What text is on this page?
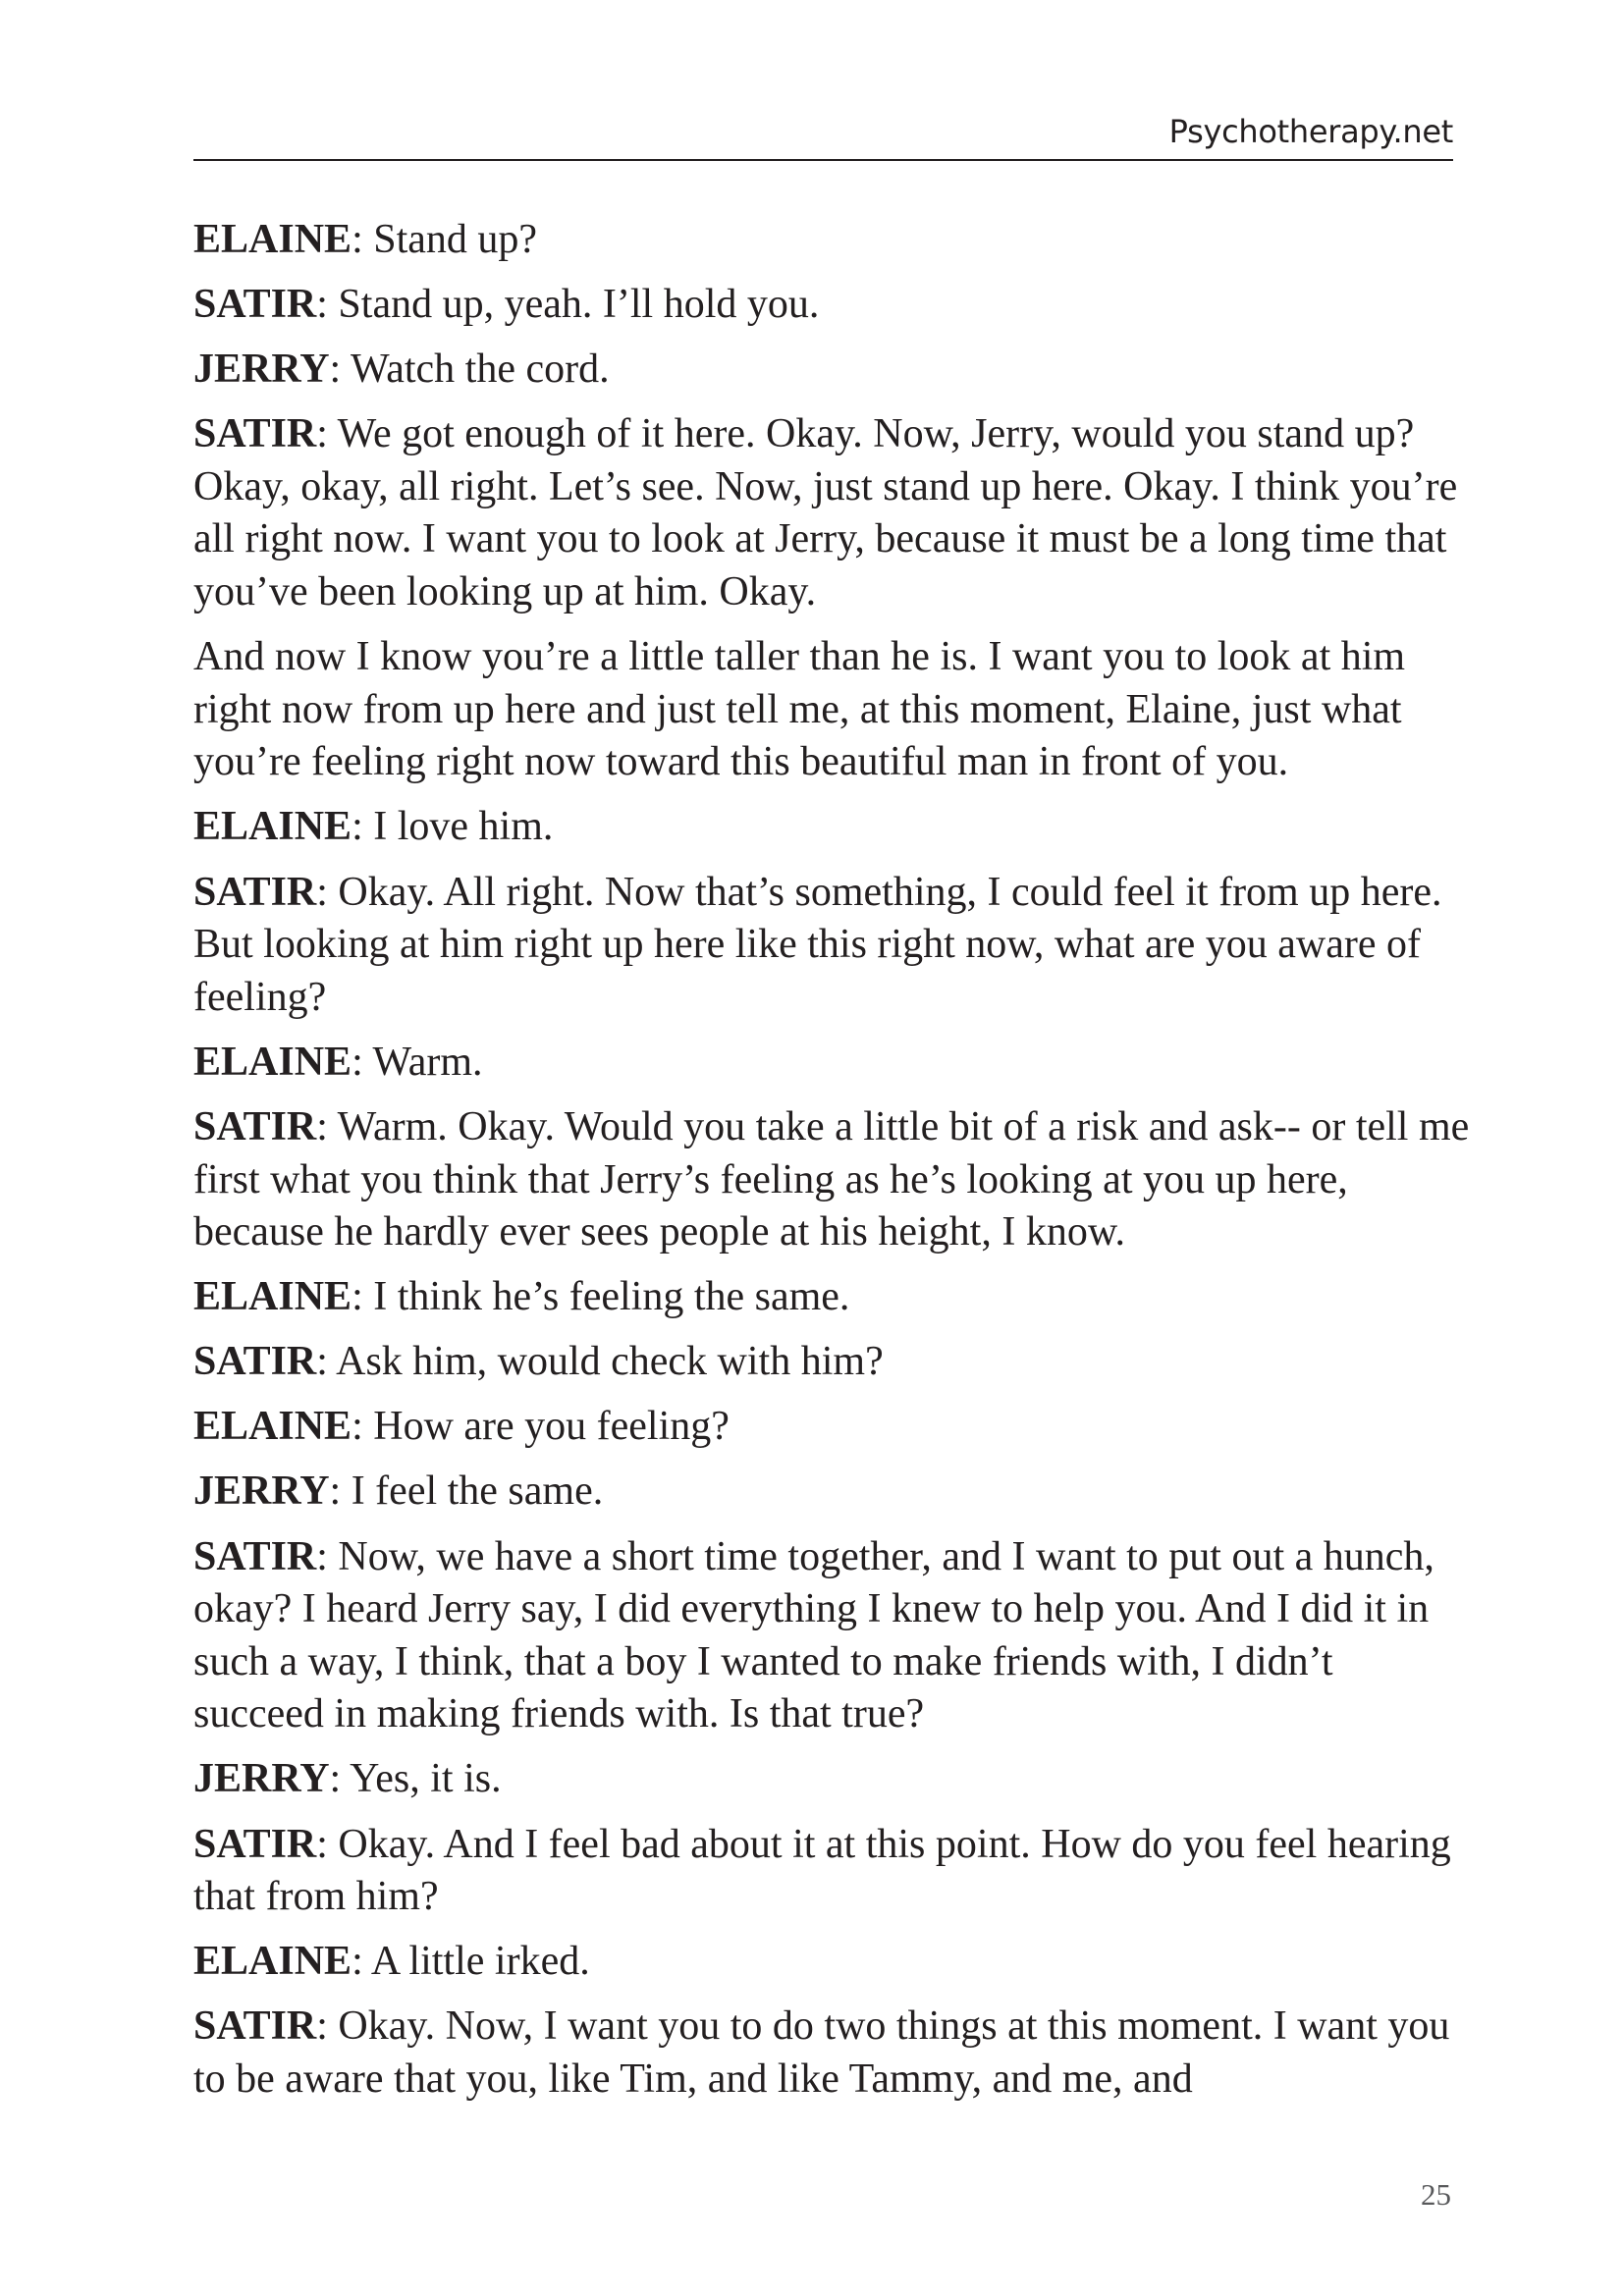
Psychotherapy.net

ELAINE: Stand up?

SATIR: Stand up, yeah. I’ll hold you.

JERRY: Watch the cord.

SATIR: We got enough of it here. Okay. Now, Jerry, would you stand up? Okay, okay, all right. Let’s see. Now, just stand up here. Okay. I think you’re all right now. I want you to look at Jerry, because it must be a long time that you’ve been looking up at him. Okay.

And now I know you’re a little taller than he is. I want you to look at him right now from up here and just tell me, at this moment, Elaine, just what you’re feeling right now toward this beautiful man in front of you.

ELAINE: I love him.

SATIR: Okay. All right. Now that’s something, I could feel it from up here. But looking at him right up here like this right now, what are you aware of feeling?

ELAINE: Warm.

SATIR: Warm. Okay. Would you take a little bit of a risk and ask-- or tell me first what you think that Jerry’s feeling as he’s looking at you up here, because he hardly ever sees people at his height, I know.

ELAINE: I think he’s feeling the same.

SATIR: Ask him, would check with him?

ELAINE: How are you feeling?

JERRY: I feel the same.

SATIR: Now, we have a short time together, and I want to put out a hunch, okay? I heard Jerry say, I did everything I knew to help you. And I did it in such a way, I think, that a boy I wanted to make friends with, I didn’t succeed in making friends with. Is that true?

JERRY: Yes, it is.

SATIR: Okay. And I feel bad about it at this point. How do you feel hearing that from him?

ELAINE: A little irked.

SATIR: Okay. Now, I want you to do two things at this moment. I want you to be aware that you, like Tim, and like Tammy, and me, and

25
